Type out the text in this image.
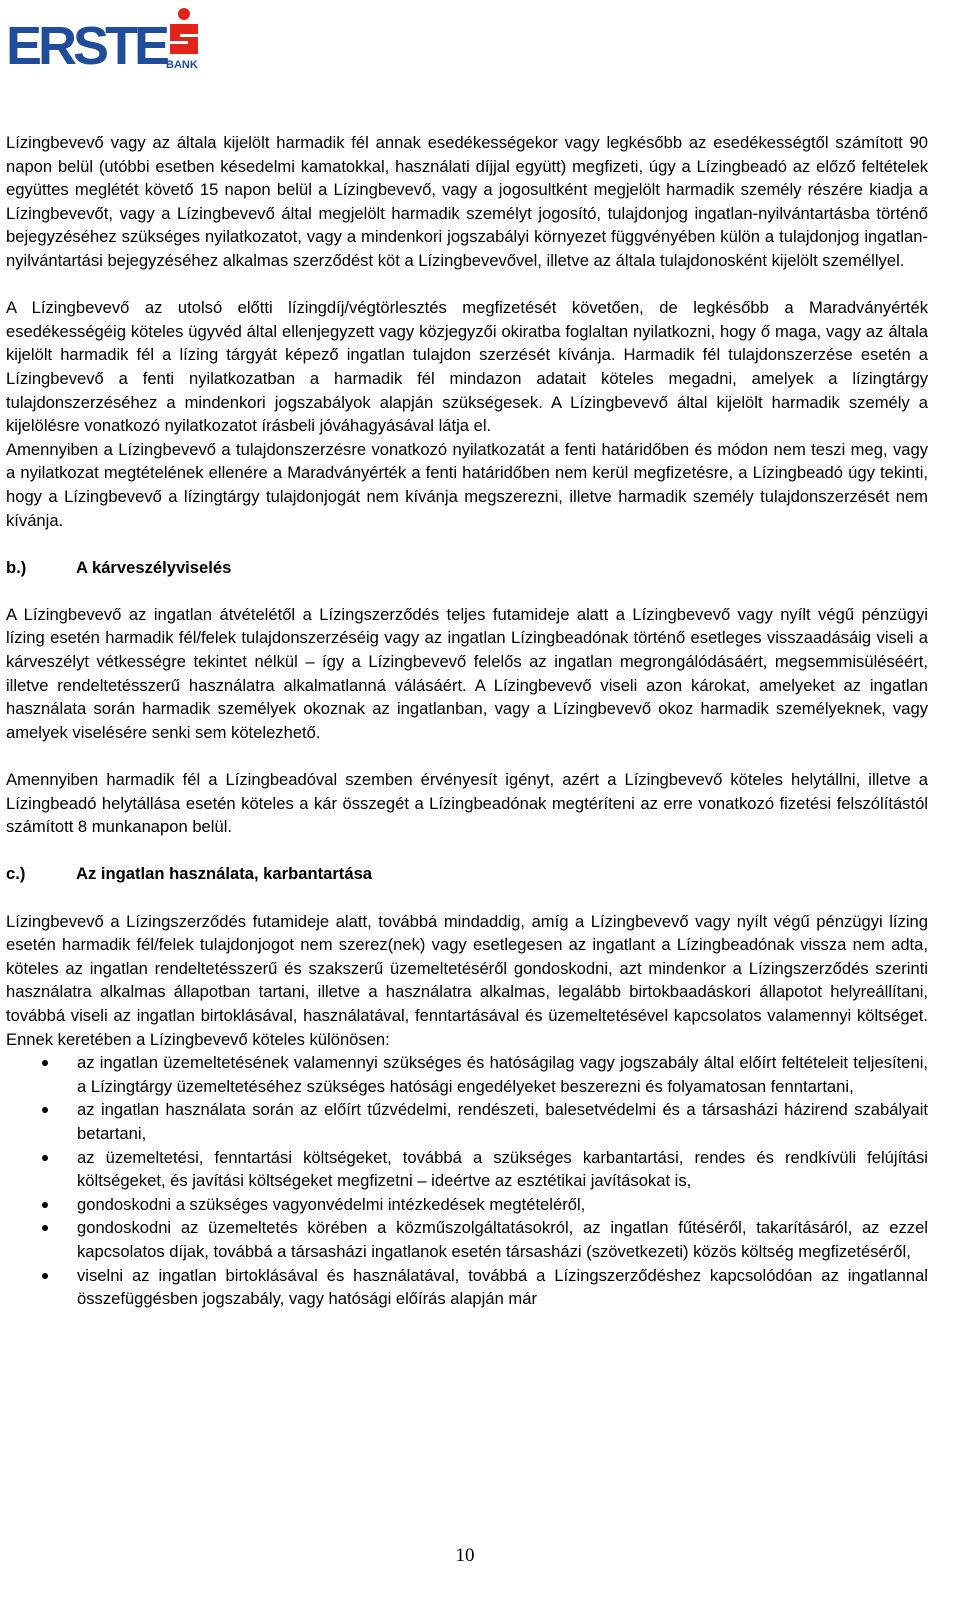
ERSTE BANK

Lízingbevevő vagy az általa kijelölt harmadik fél annak esedékességekor vagy legkésőbb az esedékességtől számított 90 napon belül (utóbbi esetben késedelmi kamatokkal, használati díjjal együtt) megfizeti, úgy a Lízingbeadó az előző feltételek együttes meglétét követő 15 napon belül a Lízingbevevő, vagy a jogosultként megjelölt harmadik személy részére kiadja a Lízingbevevőt, vagy a Lízingbevevő által megjelölt harmadik személyt jogosító, tulajdonjog ingatlan-nyilvántartásba történő bejegyzéséhez szükséges nyilatkozatot, vagy a mindenkori jogszabályi környezet függvényében külön a tulajdonjog ingatlan-nyilvántartási bejegyzéséhez alkalmas szerződést köt a Lízingbevevővel, illetve az általa tulajdonosként kijelölt személlyel.

A Lízingbevevő az utolsó előtti lízingdíj/végtörlesztés megfizetését követően, de legkésőbb a Maradványérték esedékességéig köteles ügyvéd által ellenjegyzett vagy közjegyzői okiratba foglaltan nyilatkozni, hogy ő maga, vagy az általa kijelölt harmadik fél a lízing tárgyát képező ingatlan tulajdon szerzését kívánja. Harmadik fél tulajdonszerzése esetén a Lízingbevevő a fenti nyilatkozatban a harmadik fél mindazon adatait köteles megadni, amelyek a lízingtárgy tulajdonszerzéséhez a mindenkori jogszabályok alapján szükségesek. A Lízingbevevő által kijelölt harmadik személy a kijelölésre vonatkozó nyilatkozatot írásbeli jóváhagyásával látja el.

Amennyiben a Lízingbevevő a tulajdonszerzésre vonatkozó nyilatkozatát a fenti határidőben és módon nem teszi meg, vagy a nyilatkozat megtételének ellenére a Maradványérték a fenti határidőben nem kerül megfizetésre, a Lízingbeadó úgy tekinti, hogy a Lízingbevevő a lízingtárgy tulajdonjogát nem kívánja megszerezni, illetve harmadik személy tulajdonszerzését nem kívánja.

b.)	A kárveszélyviselés

A Lízingbevevő az ingatlan átvételétől a Lízingszerződés teljes futamideje alatt a Lízingbevevő vagy nyílt végű pénzügyi lízing esetén harmadik fél/felek tulajdonszerzéséig vagy az ingatlan Lízingbeadónak történő esetleges visszaadásáig viseli a kárveszélyt vétkességre tekintet nélkül – így a Lízingbevevő felelős az ingatlan megrongálódásáért, megsemmisüléséért, illetve rendeltetésszerű használatra alkalmatlanná válásáért. A Lízingbevevő viseli azon károkat, amelyeket az ingatlan használata során harmadik személyek okoznak az ingatlanban, vagy a Lízingbevevő okoz harmadik személyeknek, vagy amelyek viselésére senki sem kötelezhető.

Amennyiben harmadik fél a Lízingbeadóval szemben érvényesít igényt, azért a Lízingbevevő köteles helytállni, illetve a Lízingbeadó helytállása esetén köteles a kár összegét a Lízingbeadónak megtéríteni az erre vonatkozó fizetési felszólítástól számított 8 munkanapon belül.

c.)	Az ingatlan használata, karbantartása

Lízingbevevő a Lízingszerződés futamideje alatt, továbbá mindaddig, amíg a Lízingbevevő vagy nyílt végű pénzügyi lízing esetén harmadik fél/felek tulajdonjogot nem szerez(nek) vagy esetlegesen az ingatlant a Lízingbeadónak vissza nem adta, köteles az ingatlan rendeltetésszerű és szakszerű üzemeltetéséről gondoskodni, azt mindenkor a Lízingszerződés szerinti használatra alkalmas állapotban tartani, illetve a használatra alkalmas, legalább birtokbaadáskori állapotot helyreállítani, továbbá viseli az ingatlan birtoklásával, használatával, fenntartásával és üzemeltetésével kapcsolatos valamennyi költséget. Ennek keretében a Lízingbevevő köteles különösen:

az ingatlan üzemeltetésének valamennyi szükséges és hatóságilag vagy jogszabály által előírt feltételeit teljesíteni, a Lízingtárgy üzemeltetéséhez szükséges hatósági engedélyeket beszerezni és folyamatosan fenntartani,
az ingatlan használata során az előírt tűzvédelmi, rendészeti, balesetvédelmi és a társasházi házirend szabályait betartani,
az üzemeltetési, fenntartási költségeket, továbbá a szükséges karbantartási, rendes és rendkívüli felújítási költségeket, és javítási költségeket megfizetni – ideértve az esztétikai javításokat is,
gondoskodni a szükséges vagyonvédelmi intézkedések megtételéről,
gondoskodni az üzemeltetés körében a közműszolgáltatásokról, az ingatlan fűtéséről, takarításáról, az ezzel kapcsolatos díjak, továbbá a társasházi ingatlanok esetén társasházi (szövetkezeti) közös költség megfizetéséről,
viselni az ingatlan birtoklásával és használatával, továbbá a Lízingszerződéshez kapcsolódóan az ingatlannal összefüggésben jogszabály, vagy hatósági előírás alapján már
10
